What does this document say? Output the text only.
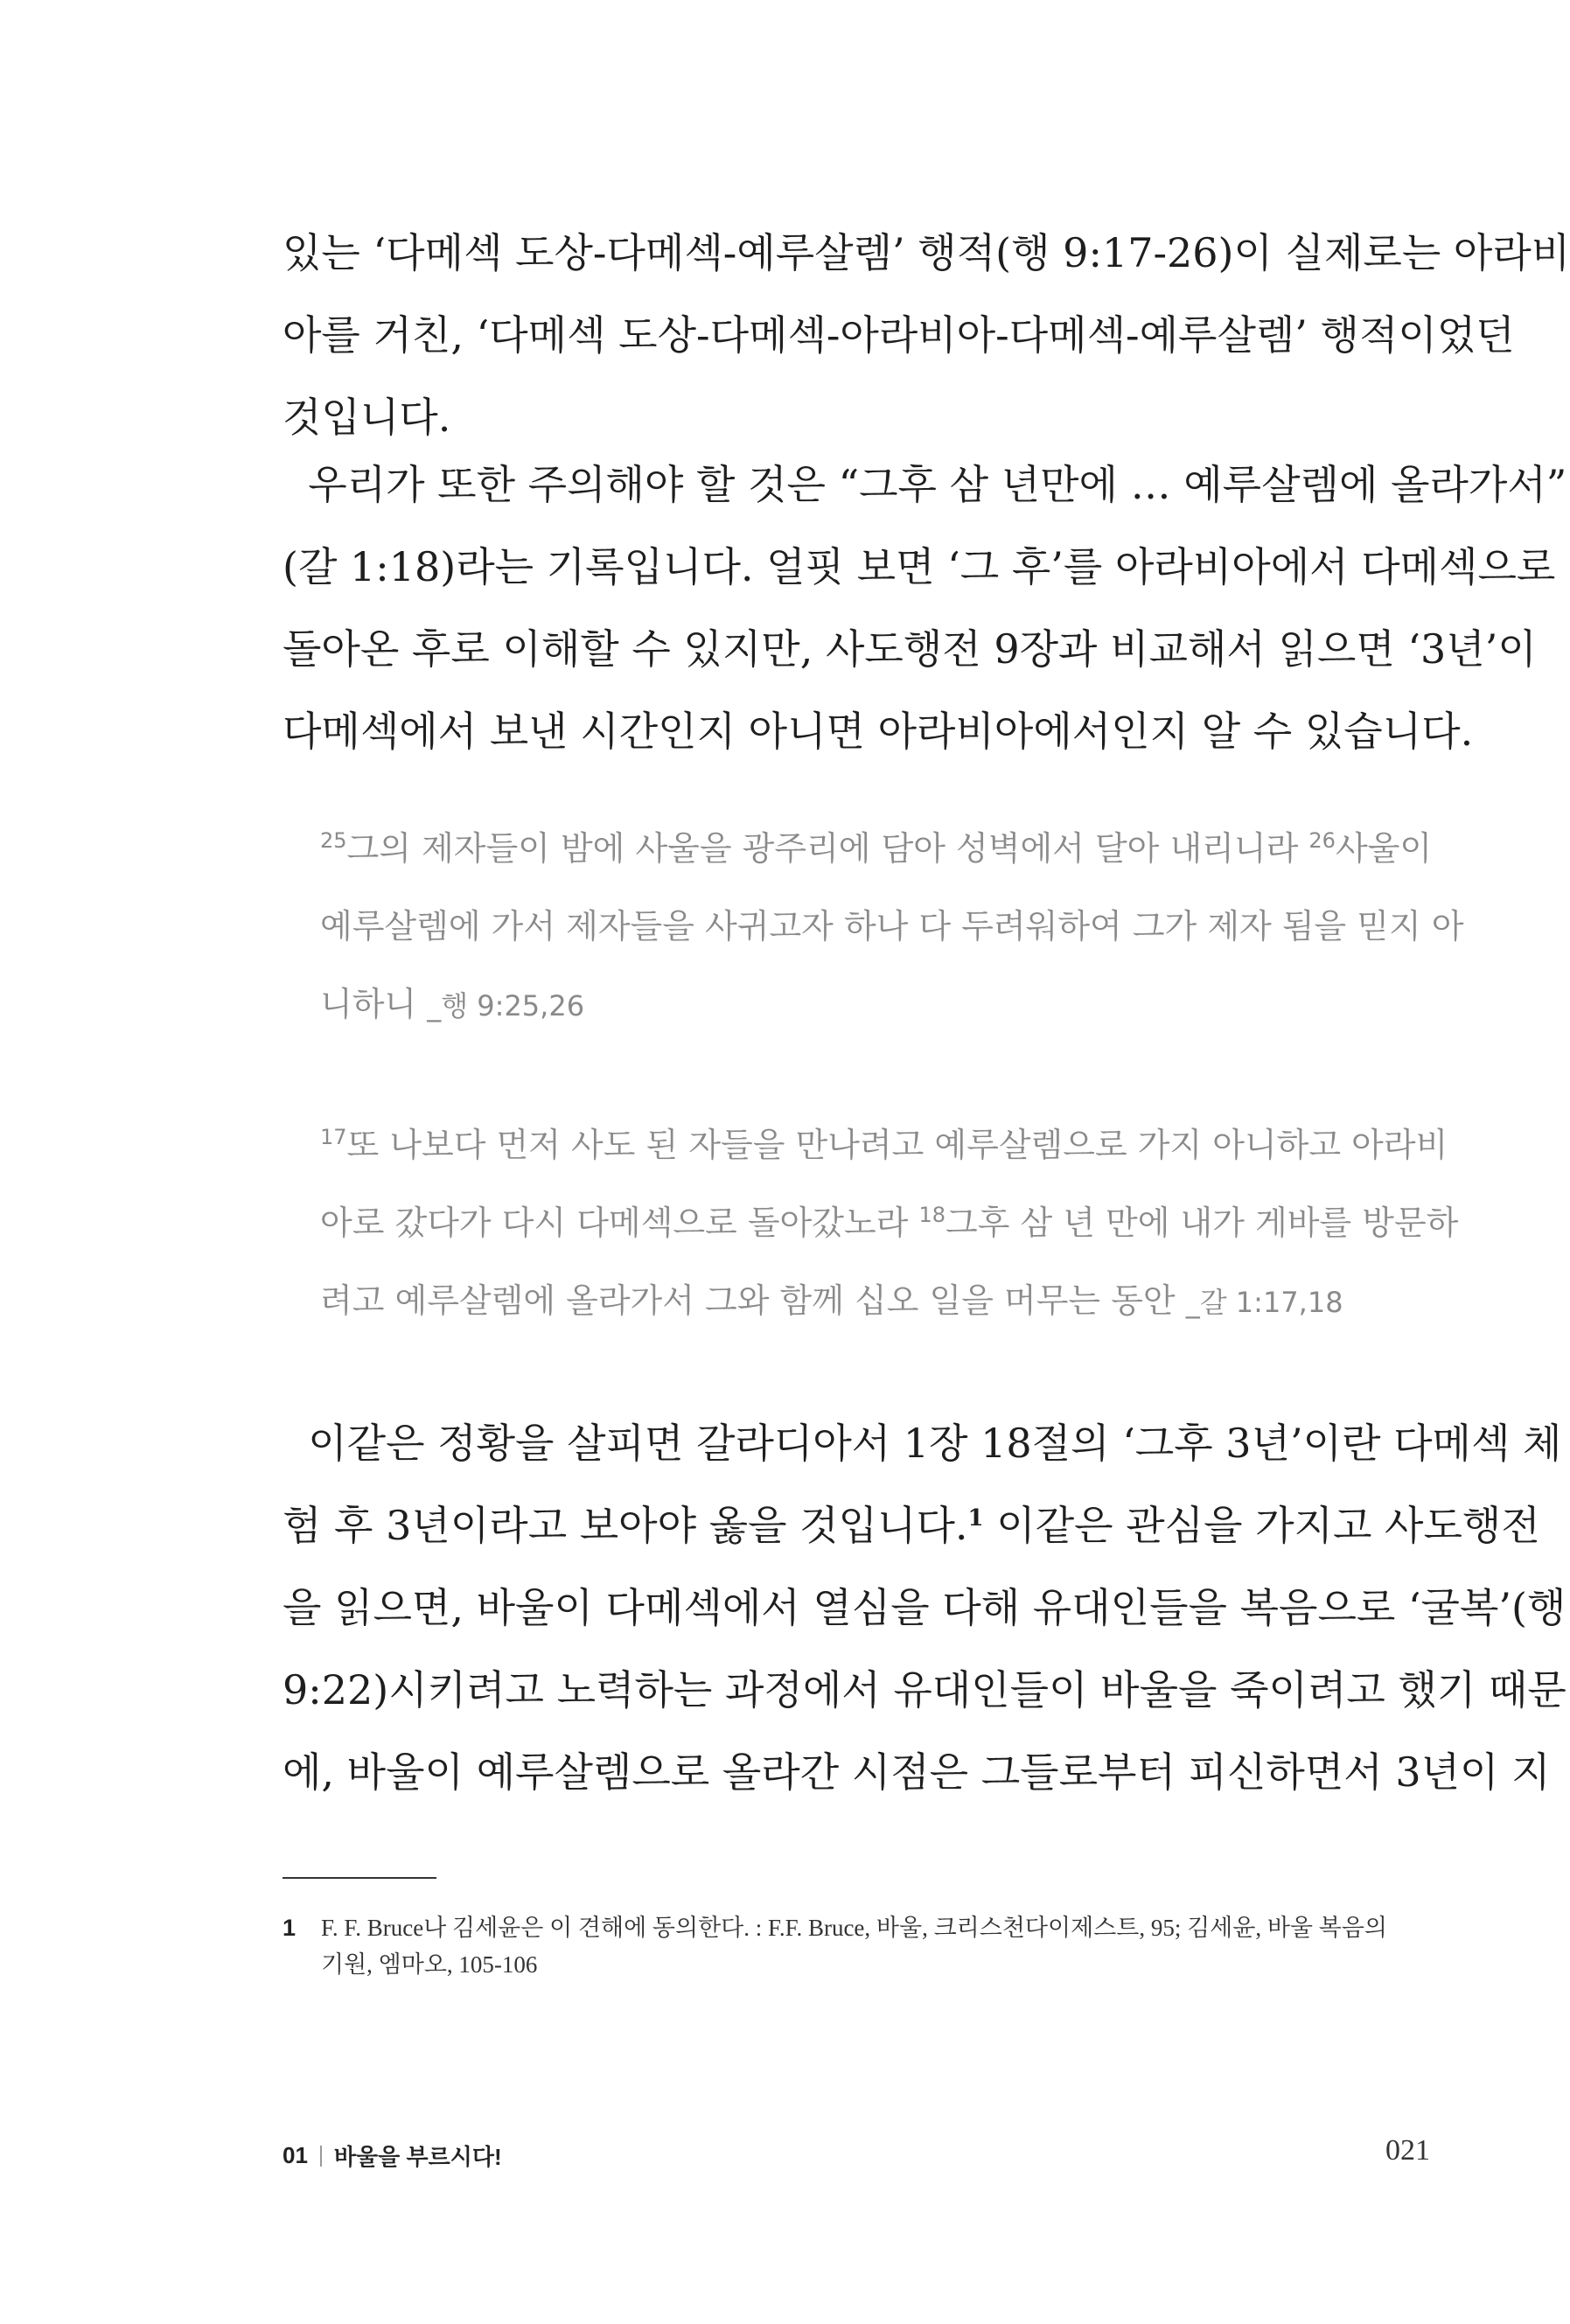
있는 ‘다메섹 도상-다메섹-예루살렘’ 행적(행 9:17-26)이 실제로는 아라비
아를 거친, ‘다메섹 도상-다메섹-아라비아-다메섹-예루살렘’ 행적이었던
것입니다.
우리가 또한 주의해야 할 것은 “그후 삼 년만에 … 예루살렘에 올라가서”
(갈 1:18)라는 기록입니다. 얼핏 보면 ‘그 후’를 아라비아에서 다메섹으로
돌아온 후로 이해할 수 있지만, 사도행전 9장과 비교해서 읽으면 ‘3년’이
다메섹에서 보낸 시간인지 아니면 아라비아에서인지 알 수 있습니다.
$^{25}$그의 제자들이 밤에 사울을 광주리에 담아 성벽에서 달아 내리니라 $^{26}$사울이
예루살렘에 가서 제자들을 사귀고자 하나 다 두려워하여 그가 제자 됨을 믿지 아
니하니 _행 9:25,26
$^{17}$또 나보다 먼저 사도 된 자들을 만나려고 예루살렘으로 가지 아니하고 아라비
아로 갔다가 다시 다메섹으로 돌아갔노라 $^{18}$그후 삼 년 만에 내가 게바를 방문하
려고 예루살렘에 올라가서 그와 함께 십오 일을 머무는 동안 _갈 1:17,18
이같은 정황을 살피면 갈라디아서 1장 18절의 ‘그후 3년’이란 다메섹 체
험 후 3년이라고 보아야 옳을 것입니다.$^1$ 이같은 관심을 가지고 사도행전
을 읽으면, 바울이 다메섹에서 열심을 다해 유대인들을 복음으로 ‘굴복’(행
9:22)시키려고 노력하는 과정에서 유대인들이 바울을 죽이려고 했기 때문
에, 바울이 예루살렘으로 올라간 시점은 그들로부터 피신하면서 3년이 지
1 F. F. Bruce나 김세윤은 이 견해에 동의한다. : F.F. Bruce, 바울, 크리스천다이제스트, 95; 김세윤, 바울 복음의 기원, 엠마오, 105-106
01 바울을 부르시다!	021
